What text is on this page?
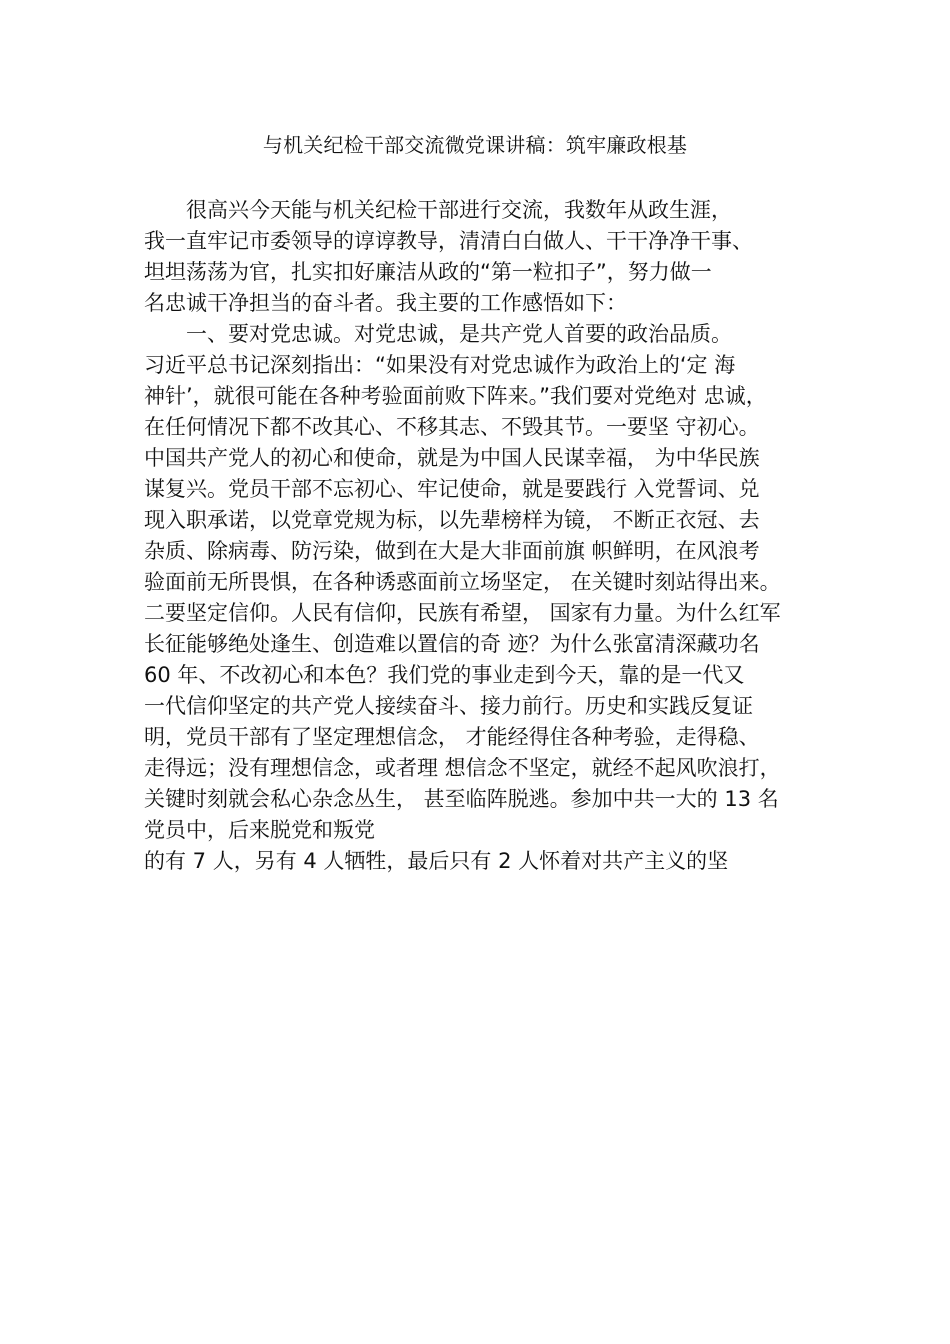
与机关纪检干部交流微党课讲稿：筑牢廉政根基
　　很高兴今天能与机关纪检干部进行交流，我数年从政生涯，
我一直牢记市委领导的谆谆教导，清清白白做人、干干净净干事、
坦坦荡荡为官，扎实扣好廉洁从政的“第一粒扣子”，努力做一
名忠诚干净担当的奋斗者。我主要的工作感悟如下：
　　一、要对党忠诚。对党忠诚，是共产党人首要的政治品质。
习近平总书记深刻指出：“如果没有对党忠诚作为政治上的‘定 海
神针’，就很可能在各种考验面前败下阵来。”我们要对党绝对 忠诚，
在任何情况下都不改其心、不移其志、不毁其节。一要坚 守初心。
中国共产党人的初心和使命，就是为中国人民谋幸福， 为中华民族
谋复兴。党员干部不忘初心、牢记使命，就是要践行 入党誓词、兑
现入职承诺，以党章党规为标，以先辈榜样为镜， 不断正衣冠、去
杂质、除病毒、防污染，做到在大是大非面前旗 帜鲜明，在风浪考
验面前无所畏惧，在各种诱惑面前立场坚定， 在关键时刻站得出来。
二要坚定信仰。人民有信仰，民族有希望， 国家有力量。为什么红军
长征能够绝处逢生、创造难以置信的奇 迹？为什么张富清深藏功名
60 年、不改初心和本色？我们党的事业走到今天，靠的是一代又
一代信仰坚定的共产党人接续奋斗、接力前行。历史和实践反复证
明，党员干部有了坚定理想信念， 才能经得住各种考验，走得稳、
走得远；没有理想信念，或者理 想信念不坚定，就经不起风吹浪打，
关键时刻就会私心杂念丛生， 甚至临阵脱逃。参加中共一大的 13 名
党员中，后来脱党和叛党
的有 7 人，另有 4 人牺牲，最后只有 2 人怀着对共产主义的坚
